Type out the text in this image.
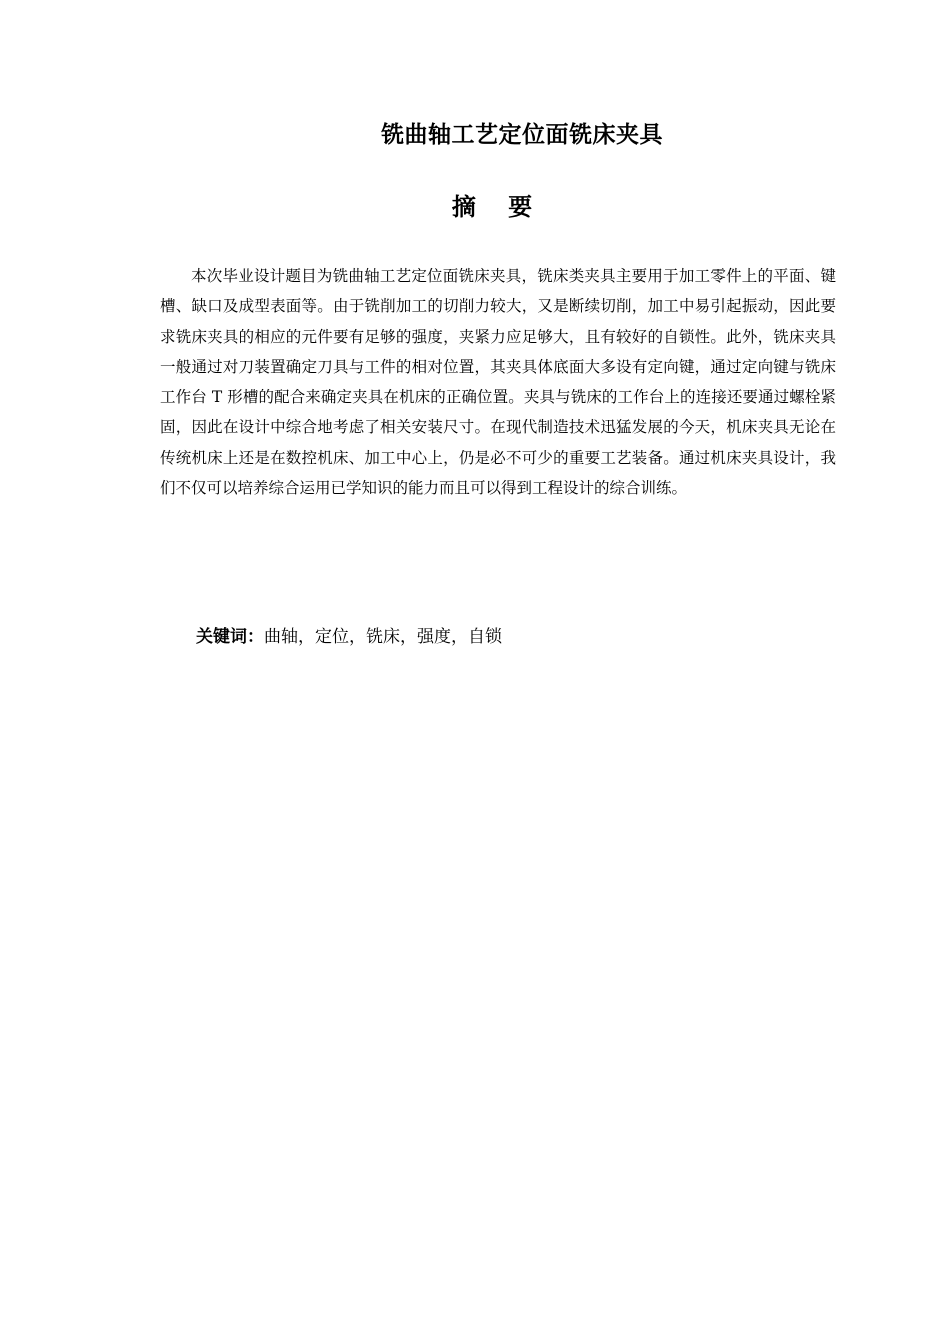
铣曲轴工艺定位面铣床夹具
摘 要

本次毕业设计题目为铣曲轴工艺定位面铣床夹具，铣床类夹具主要用于加工零件上的平面、键槽、缺口及成型表面等。由于铣削加工的切削力较大，又是断续切削，加工中易引起振动，因此要求铣床夹具的相应的元件要有足够的强度，夹紧力应足够大，且有较好的自锁性。此外，铣床夹具一般通过对刀装置确定刀具与工件的相对位置，其夹具体底面大多设有定向键，通过定向键与铣床工作台 T 形槽的配合来确定夹具在机床的正确位置。夹具与铣床的工作台上的连接还要通过螺栓紧固，因此在设计中综合地考虑了相关安装尺寸。在现代制造技术迅猛发展的今天，机床夹具无论在传统机床上还是在数控机床、加工中心上，仍是必不可少的重要工艺装备。通过机床夹具设计，我们不仅可以培养综合运用已学知识的能力而且可以得到工程设计的综合训练。

关键词：曲轴，定位，铣床，强度，自锁
